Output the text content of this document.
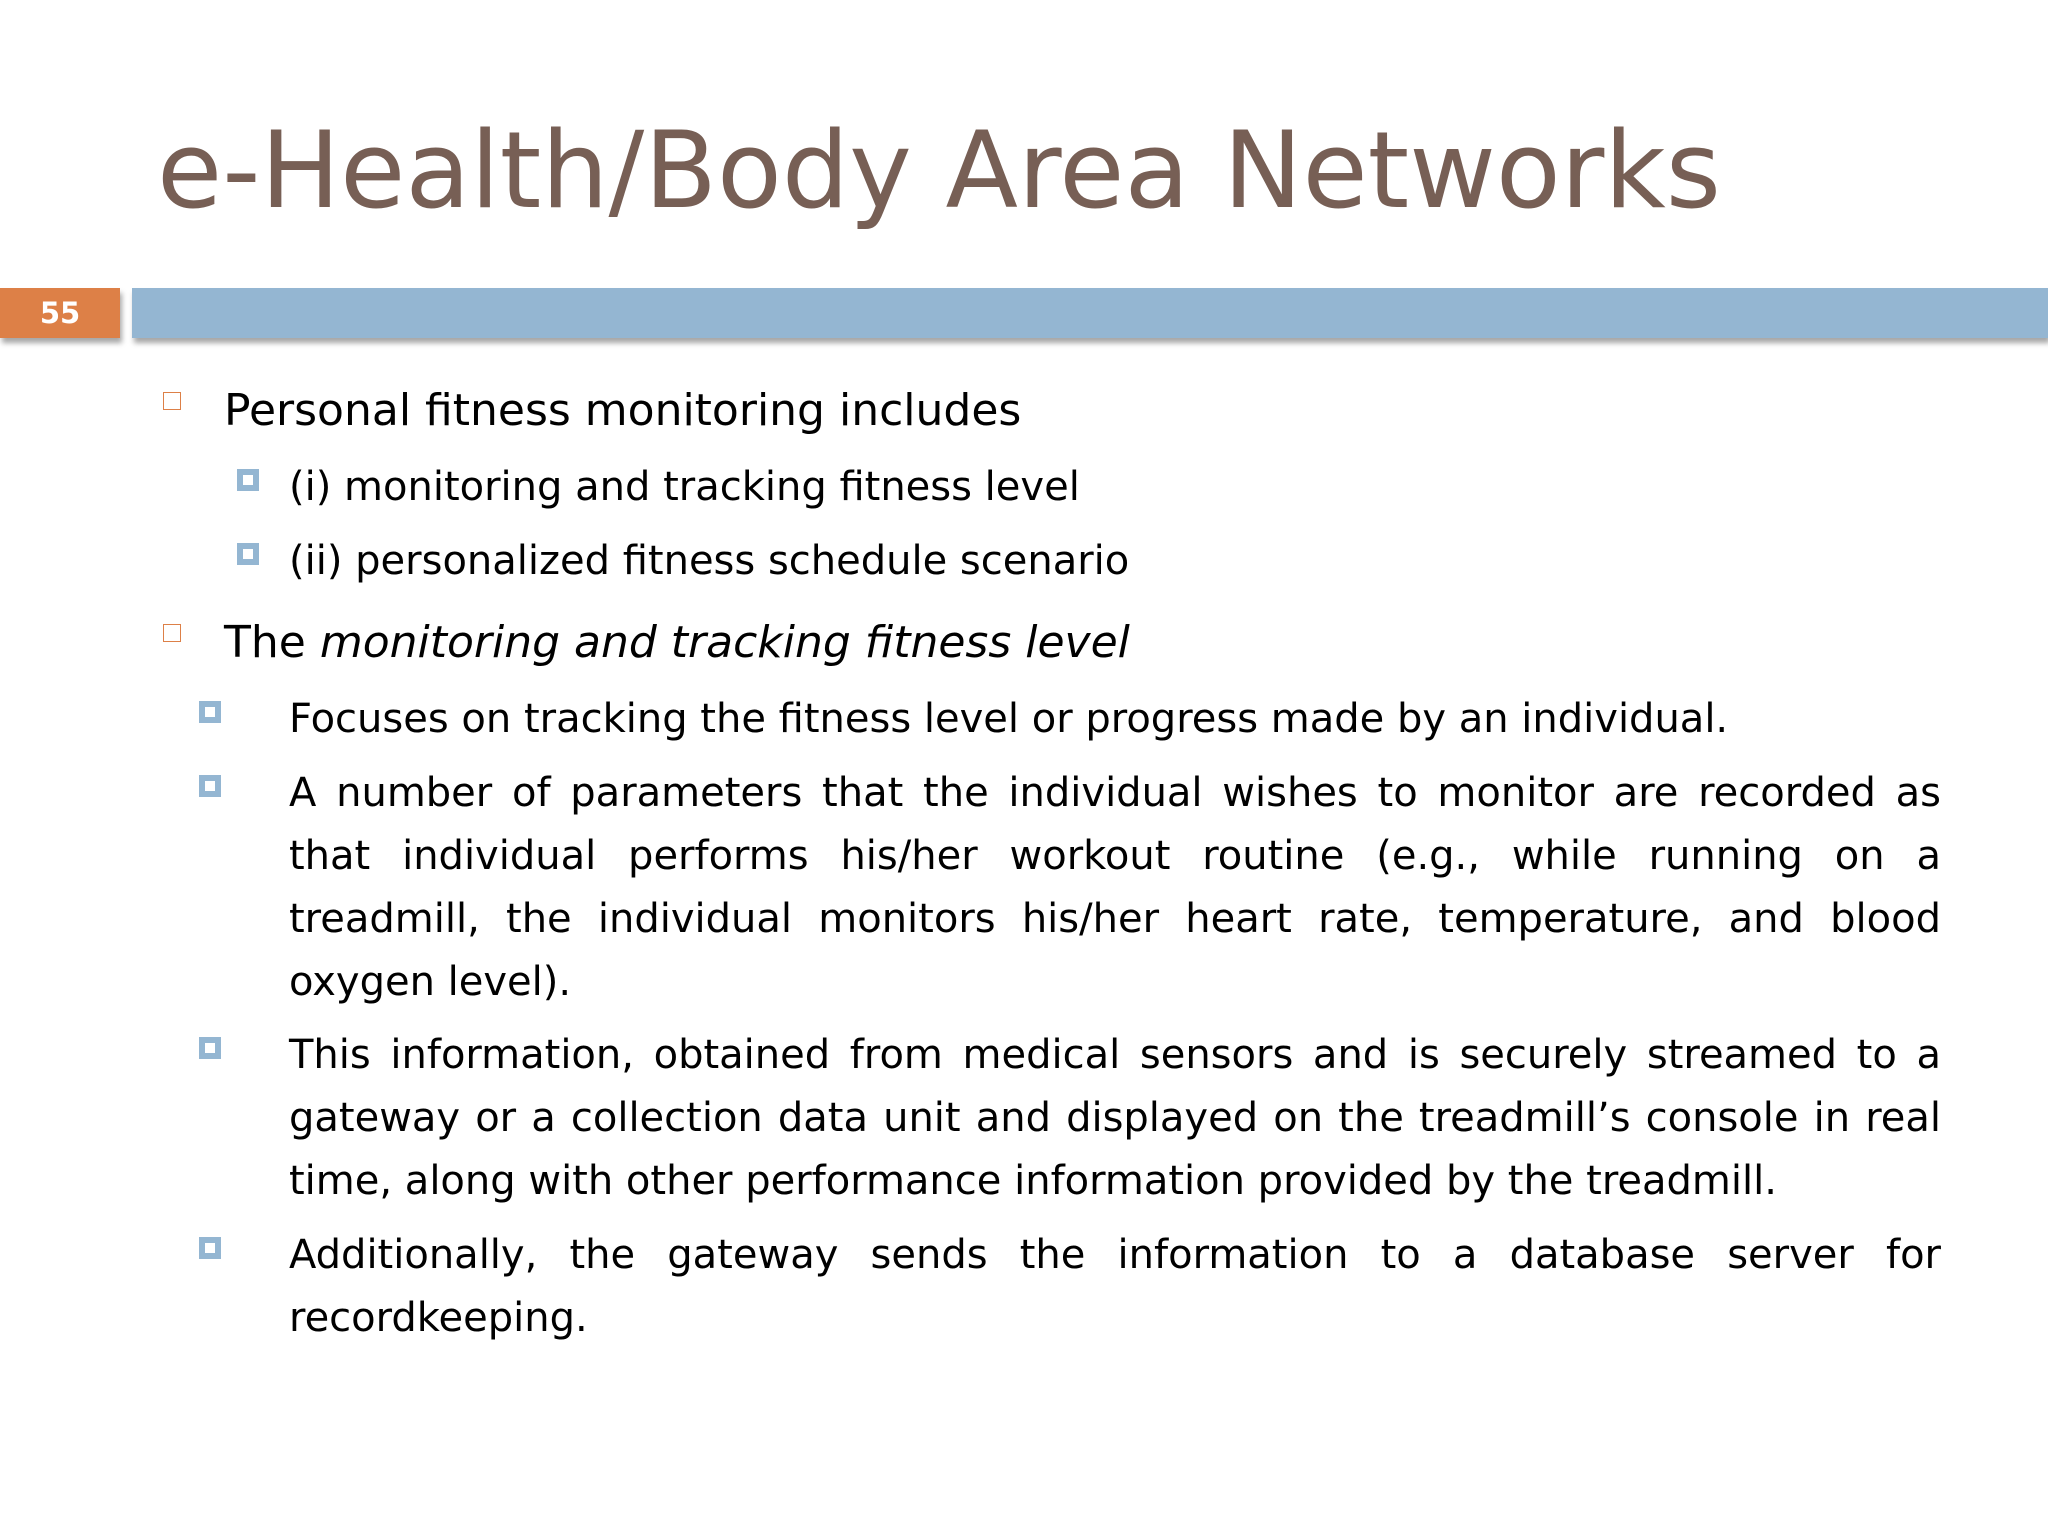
e-Health/Body Area Networks
55
Personal fitness monitoring includes
(i) monitoring and tracking fitness level
(ii) personalized fitness schedule scenario
The monitoring and tracking fitness level
Focuses on tracking the fitness level or progress made by an individual.
A number of parameters that the individual wishes to monitor are recorded as that individual performs his/her workout routine (e.g., while running on a treadmill, the individual monitors his/her heart rate, temperature, and blood oxygen level).
This information, obtained from medical sensors and is securely streamed to a gateway or a collection data unit and displayed on the treadmill’s console in real time, along with other performance information provided by the treadmill.
Additionally, the gateway sends the information to a database server for recordkeeping.
